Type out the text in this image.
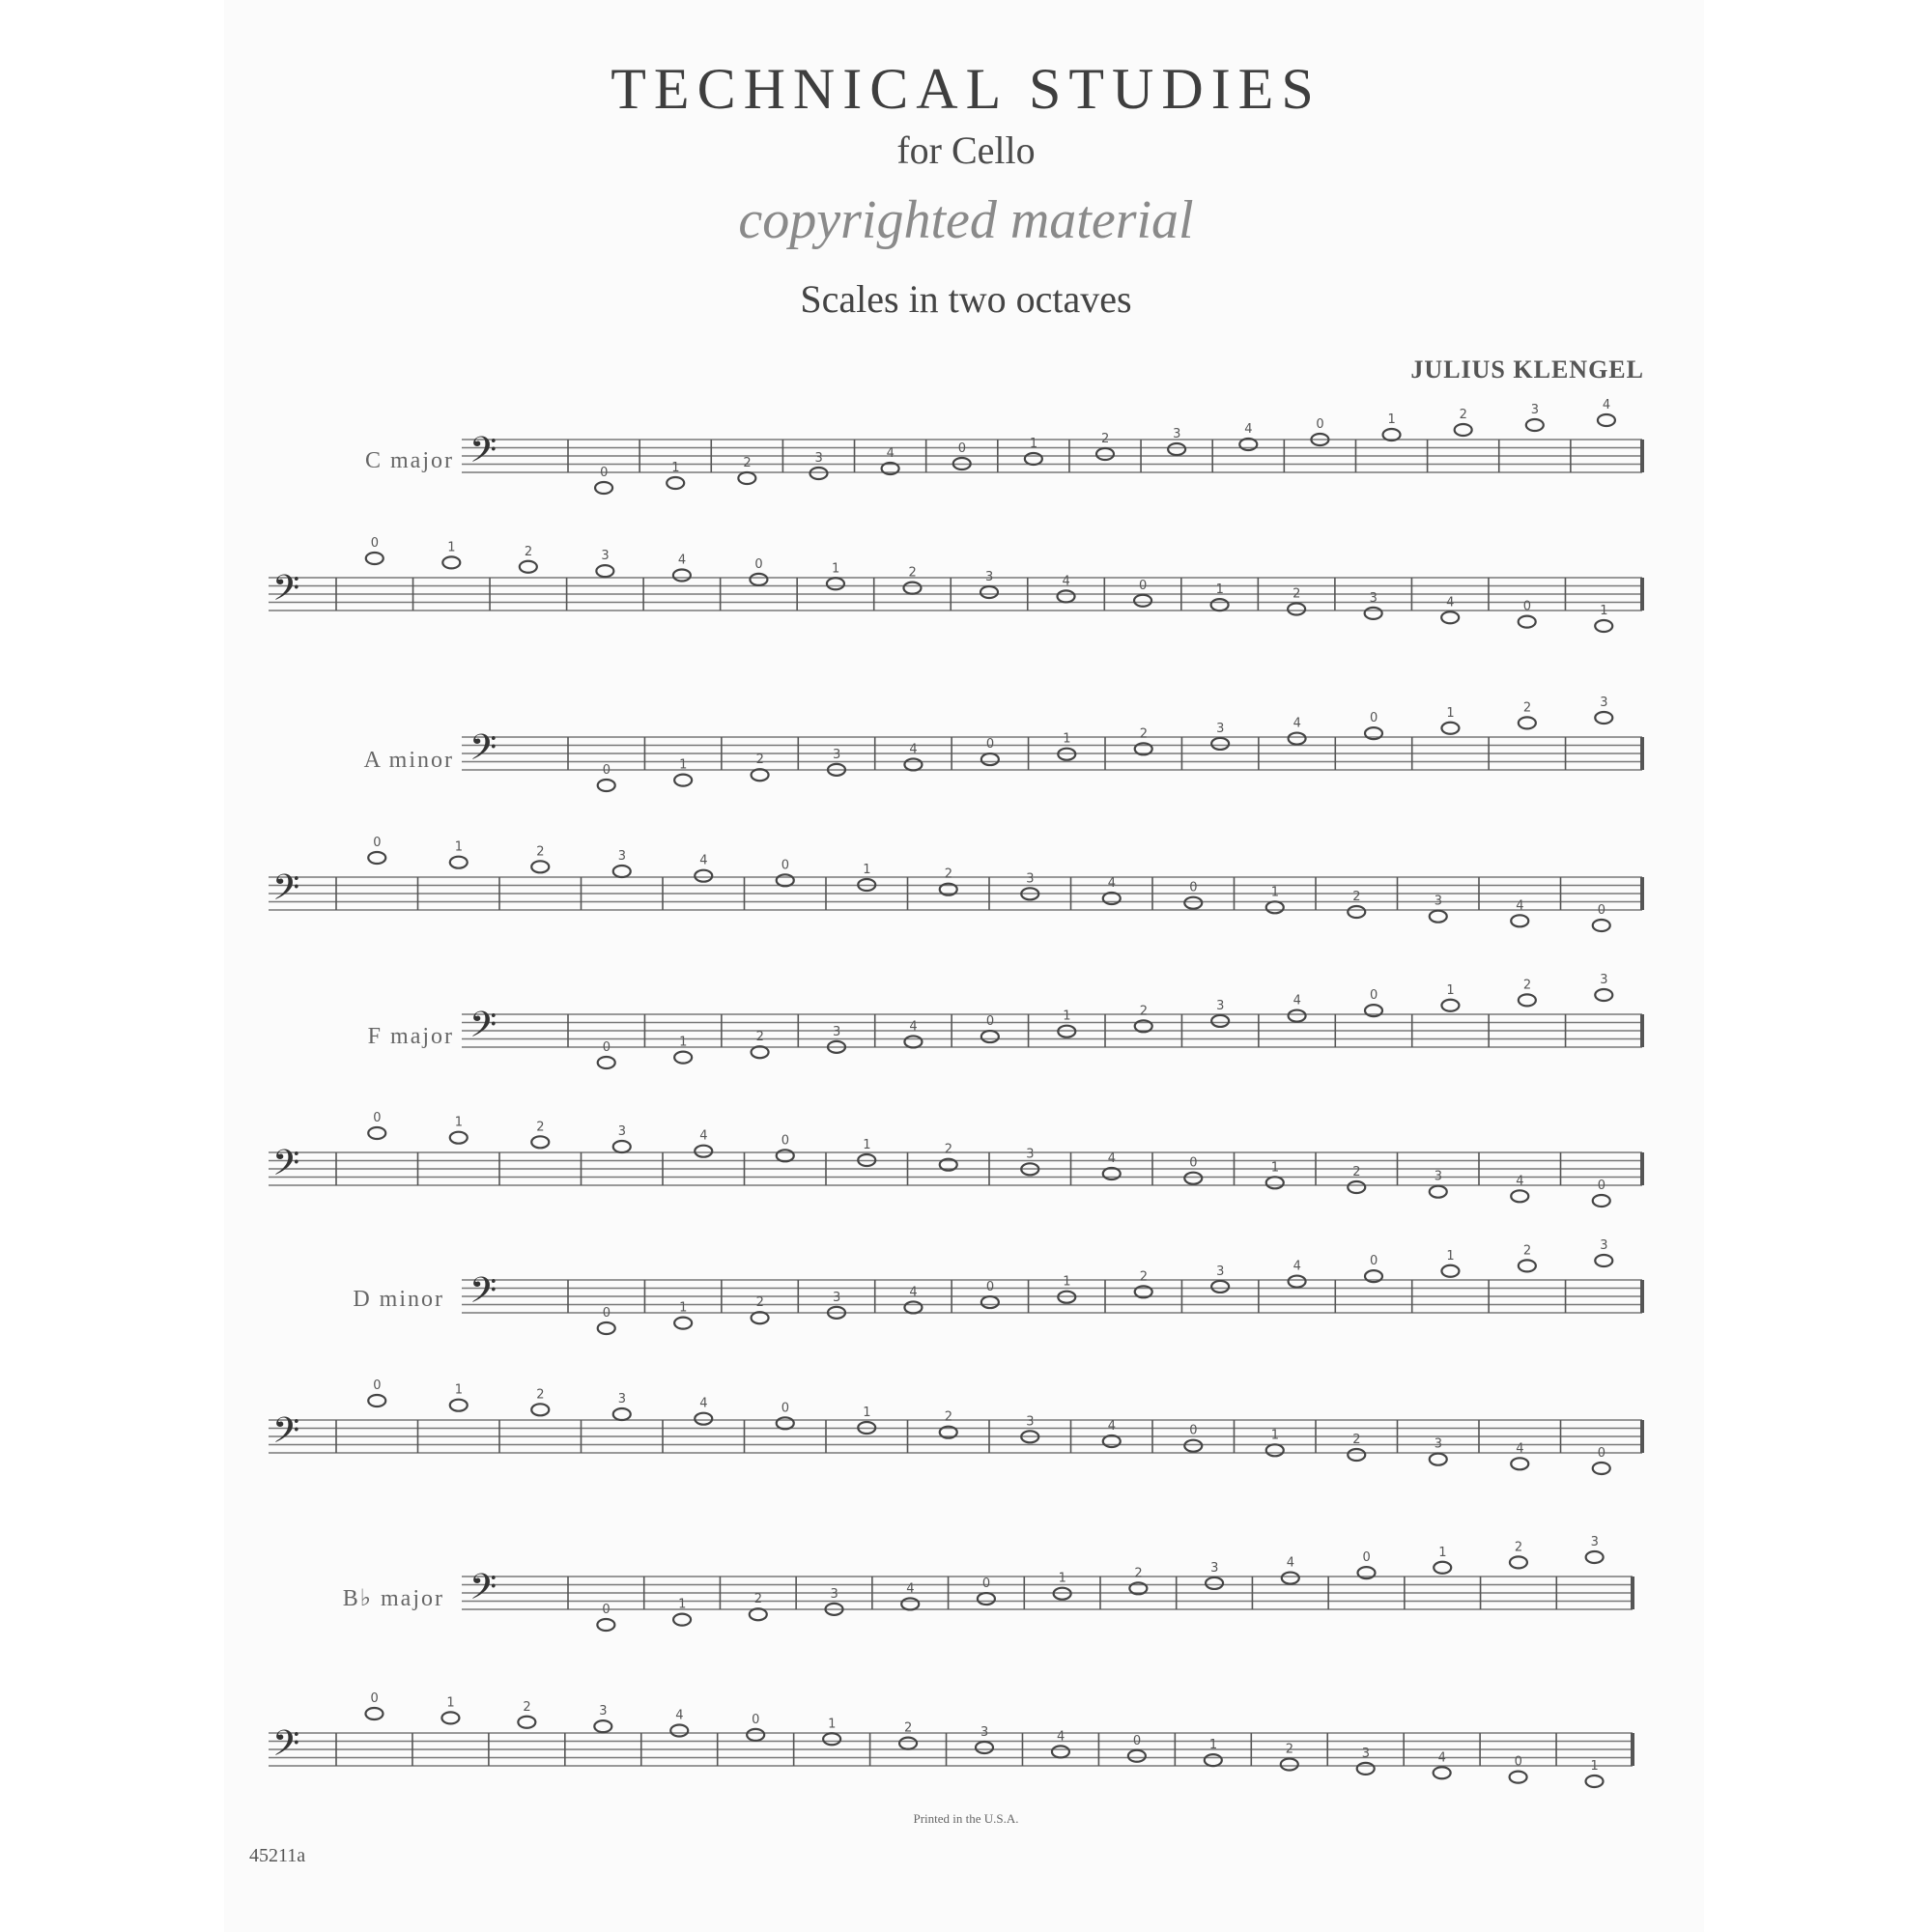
TECHNICAL STUDIES
for Cello
copyrighted material
Scales in two octaves
JULIUS KLENGEL
C major
A minor
F major
D minor
B♭ major
𝄢	0	1	2	3	4	0	1	2	3	4	0	1	2	3	4
𝄢
0	1	2	3	4	0	1	2	3	4	0	1	2	3	4	0	1
𝄢	0	1	2	3	4	0	1	2	3	4	0	1	2	3
𝄢
0	1	2	3	4	0	1	2	3	4	0	1	2	3	4	0
𝄢	0	1	2	3	4	0	1	2	3	4	0	1	2	3
𝄢
0	1	2	3	4	0	1	2	3	4	0	1	2	3	4	0
𝄢	0	1	2	3	4	0	1	2	3	4	0	1	2	3
𝄢
0	1	2	3	4	0	1	2	3	4	0	1	2	3	4	0
𝄢	0	1	2	3	4	0	1	2	3	4	0	1	2	3
𝄢
0	1	2	3	4	0	1	2	3	4	0	1	2	3	4	0	1
Printed in the U.S.A.
45211a
